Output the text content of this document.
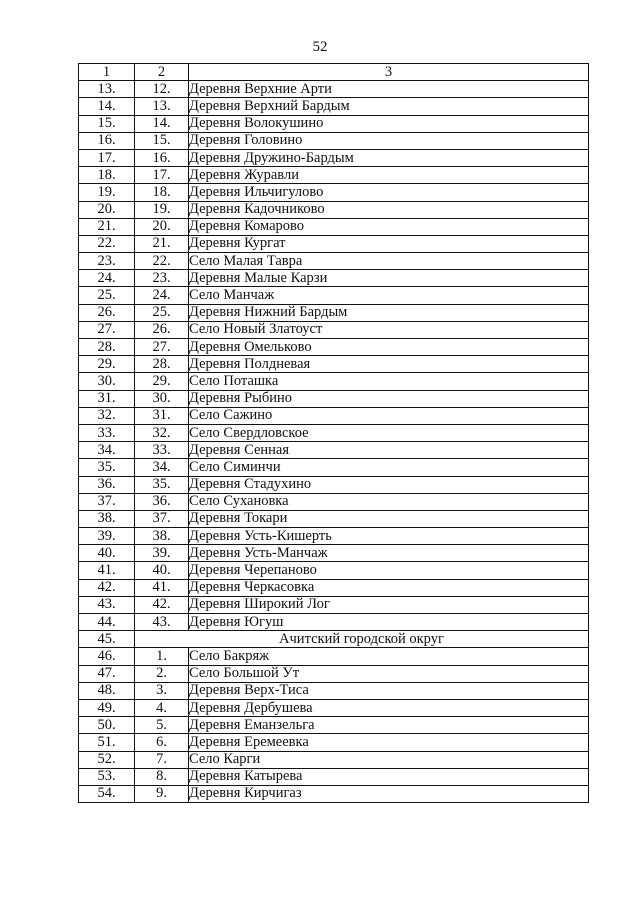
52
1	2	3
13.	12.	Деревня Верхние Арти
14.	13.	Деревня Верхний Бардым
15.	14.	Деревня Волокушино
16.	15.	Деревня Головино
17.	16.	Деревня Дружино-Бардым
18.	17.	Деревня Журавли
19.	18.	Деревня Ильчигулово
20.	19.	Деревня Кадочниково
21.	20.	Деревня Комарово
22.	21.	Деревня Кургат
23.	22.	Село Малая Тавра
24.	23.	Деревня Малые Карзи
25.	24.	Село Манчаж
26.	25.	Деревня Нижний Бардым
27.	26.	Село Новый Златоуст
28.	27.	Деревня Омельково
29.	28.	Деревня Полдневая
30.	29.	Село Поташка
31.	30.	Деревня Рыбино
32.	31.	Село Сажино
33.	32.	Село Свердловское
34.	33.	Деревня Сенная
35.	34.	Село Симинчи
36.	35.	Деревня Стадухино
37.	36.	Село Сухановка
38.	37.	Деревня Токари
39.	38.	Деревня Усть-Кишерть
40.	39.	Деревня Усть-Манчаж
41.	40.	Деревня Черепаново
42.	41.	Деревня Черкасовка
43.	42.	Деревня Широкий Лог
44.	43.	Деревня Югуш
45.	Ачитский городской округ	
46.	1.	Село Бакряж
47.	2.	Село Большой Ут
48.	3.	Деревня Верх-Тиса
49.	4.	Деревня Дербушева
50.	5.	Деревня Еманзельга
51.	6.	Деревня Еремеевка
52.	7.	Село Карги
53.	8.	Деревня Катырева
54.	9.	Деревня Кирчигаз
